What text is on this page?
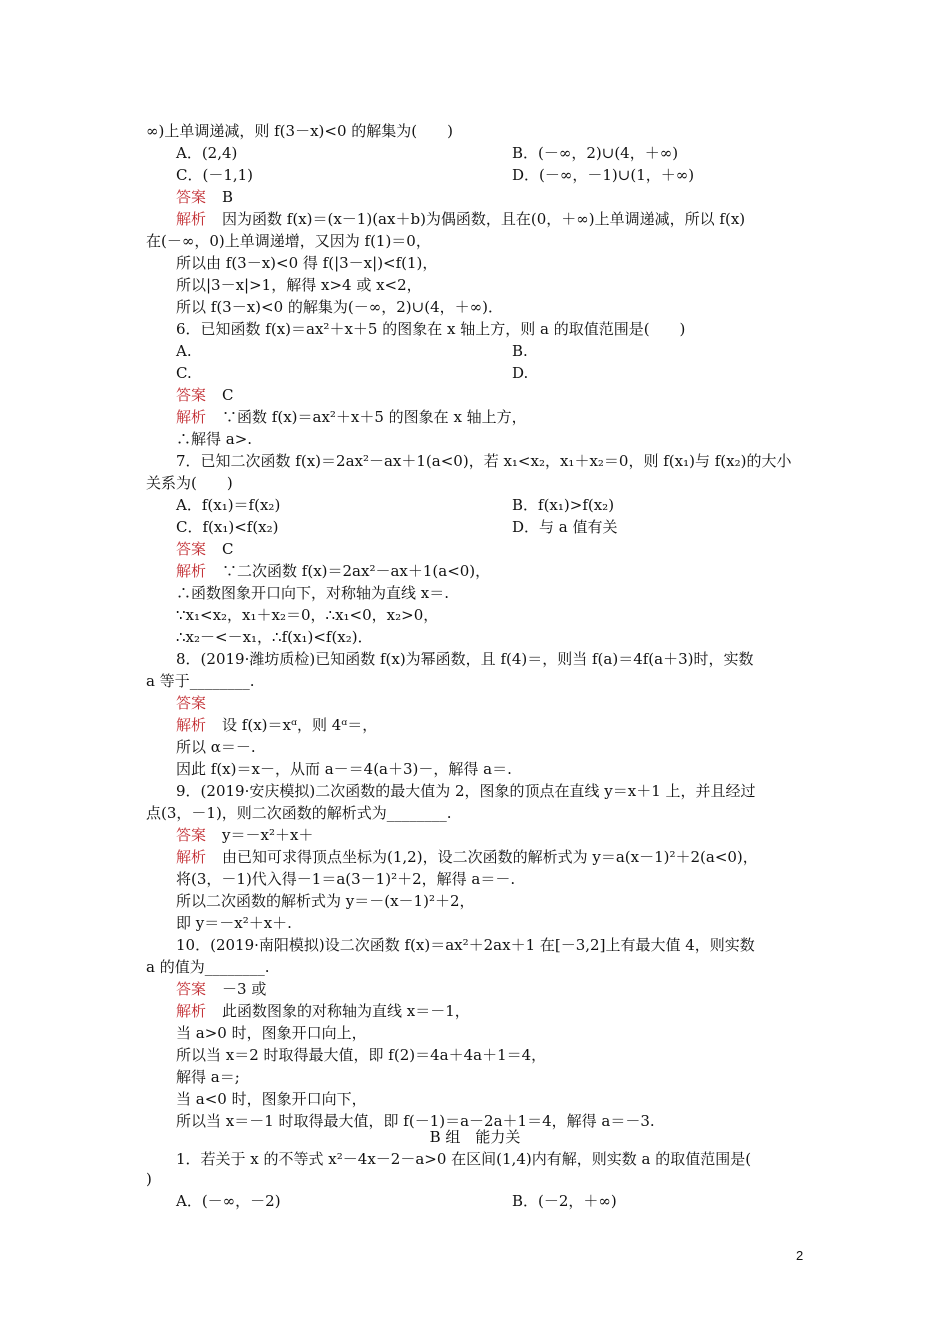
∞)上单调递减，则 f(3－x)<0 的解集为(　　)
A．(2,4)	B．(－∞，2)∪(4，＋∞)
C．(－1,1)	D．(－∞，－1)∪(1，＋∞)
答案 B
解析 因为函数 f(x)＝(x－1)(ax＋b)为偶函数，且在(0，＋∞)上单调递减，所以 f(x)
在(－∞，0)上单调递增，又因为 f(1)＝0，
所以由 f(3－x)<0 得 f(|3－x|)<f(1)，
所以|3－x|>1，解得 x>4 或 x<2，
所以 f(3－x)<0 的解集为(－∞，2)∪(4，＋∞)．
6．已知函数 f(x)＝ax²＋x＋5 的图象在 x 轴上方，则 a 的取值范围是(　　)
A.	B.
C.	D.
答案 C
解析 ∵函数 f(x)＝ax²＋x＋5 的图象在 x 轴上方，
∴解得 a>.
7．已知二次函数 f(x)＝2ax²－ax＋1(a<0)，若 x₁<x₂，x₁＋x₂＝0，则 f(x₁)与 f(x₂)的大小
关系为(　　)
A．f(x₁)＝f(x₂)	B．f(x₁)>f(x₂)
C．f(x₁)<f(x₂)	D．与 a 值有关
答案 C
解析 ∵二次函数 f(x)＝2ax²－ax＋1(a<0)，
∴函数图象开口向下，对称轴为直线 x＝.
∵x₁<x₂，x₁＋x₂＝0，∴x₁<0，x₂>0，
∴x₂－<－x₁，∴f(x₁)<f(x₂)．
8．(2019·潍坊质检)已知函数 f(x)为幂函数，且 f(4)＝，则当 f(a)＝4f(a＋3)时，实数
a 等于________.
答案
解析 设 f(x)＝xᵅ，则 4ᵅ＝，
所以 α＝－.
因此 f(x)＝x－，从而 a－＝4(a＋3)－，解得 a＝.
9．(2019·安庆模拟)二次函数的最大值为 2，图象的顶点在直线 y＝x＋1 上，并且经过
点(3，－1)，则二次函数的解析式为________.
答案 y＝－x²＋x＋
解析 由已知可求得顶点坐标为(1,2)，设二次函数的解析式为 y＝a(x－1)²＋2(a<0)，
将(3，－1)代入得－1＝a(3－1)²＋2，解得 a＝－.
所以二次函数的解析式为 y＝－(x－1)²＋2，
即 y＝－x²＋x＋.
10．(2019·南阳模拟)设二次函数 f(x)＝ax²＋2ax＋1 在[－3,2]上有最大值 4，则实数
a 的值为________.
答案 －3 或
解析 此函数图象的对称轴为直线 x＝－1，
当 a>0 时，图象开口向上，
所以当 x＝2 时取得最大值，即 f(2)＝4a＋4a＋1＝4，
解得 a＝;
当 a<0 时，图象开口向下，
所以当 x＝－1 时取得最大值，即 f(－1)＝a－2a＋1＝4，解得 a＝－3.
B 组　能力关
1．若关于 x 的不等式 x²－4x－2－a>0 在区间(1,4)内有解，则实数 a 的取值范围是(
)
A．(－∞，－2)	B．(－2，＋∞)
2
